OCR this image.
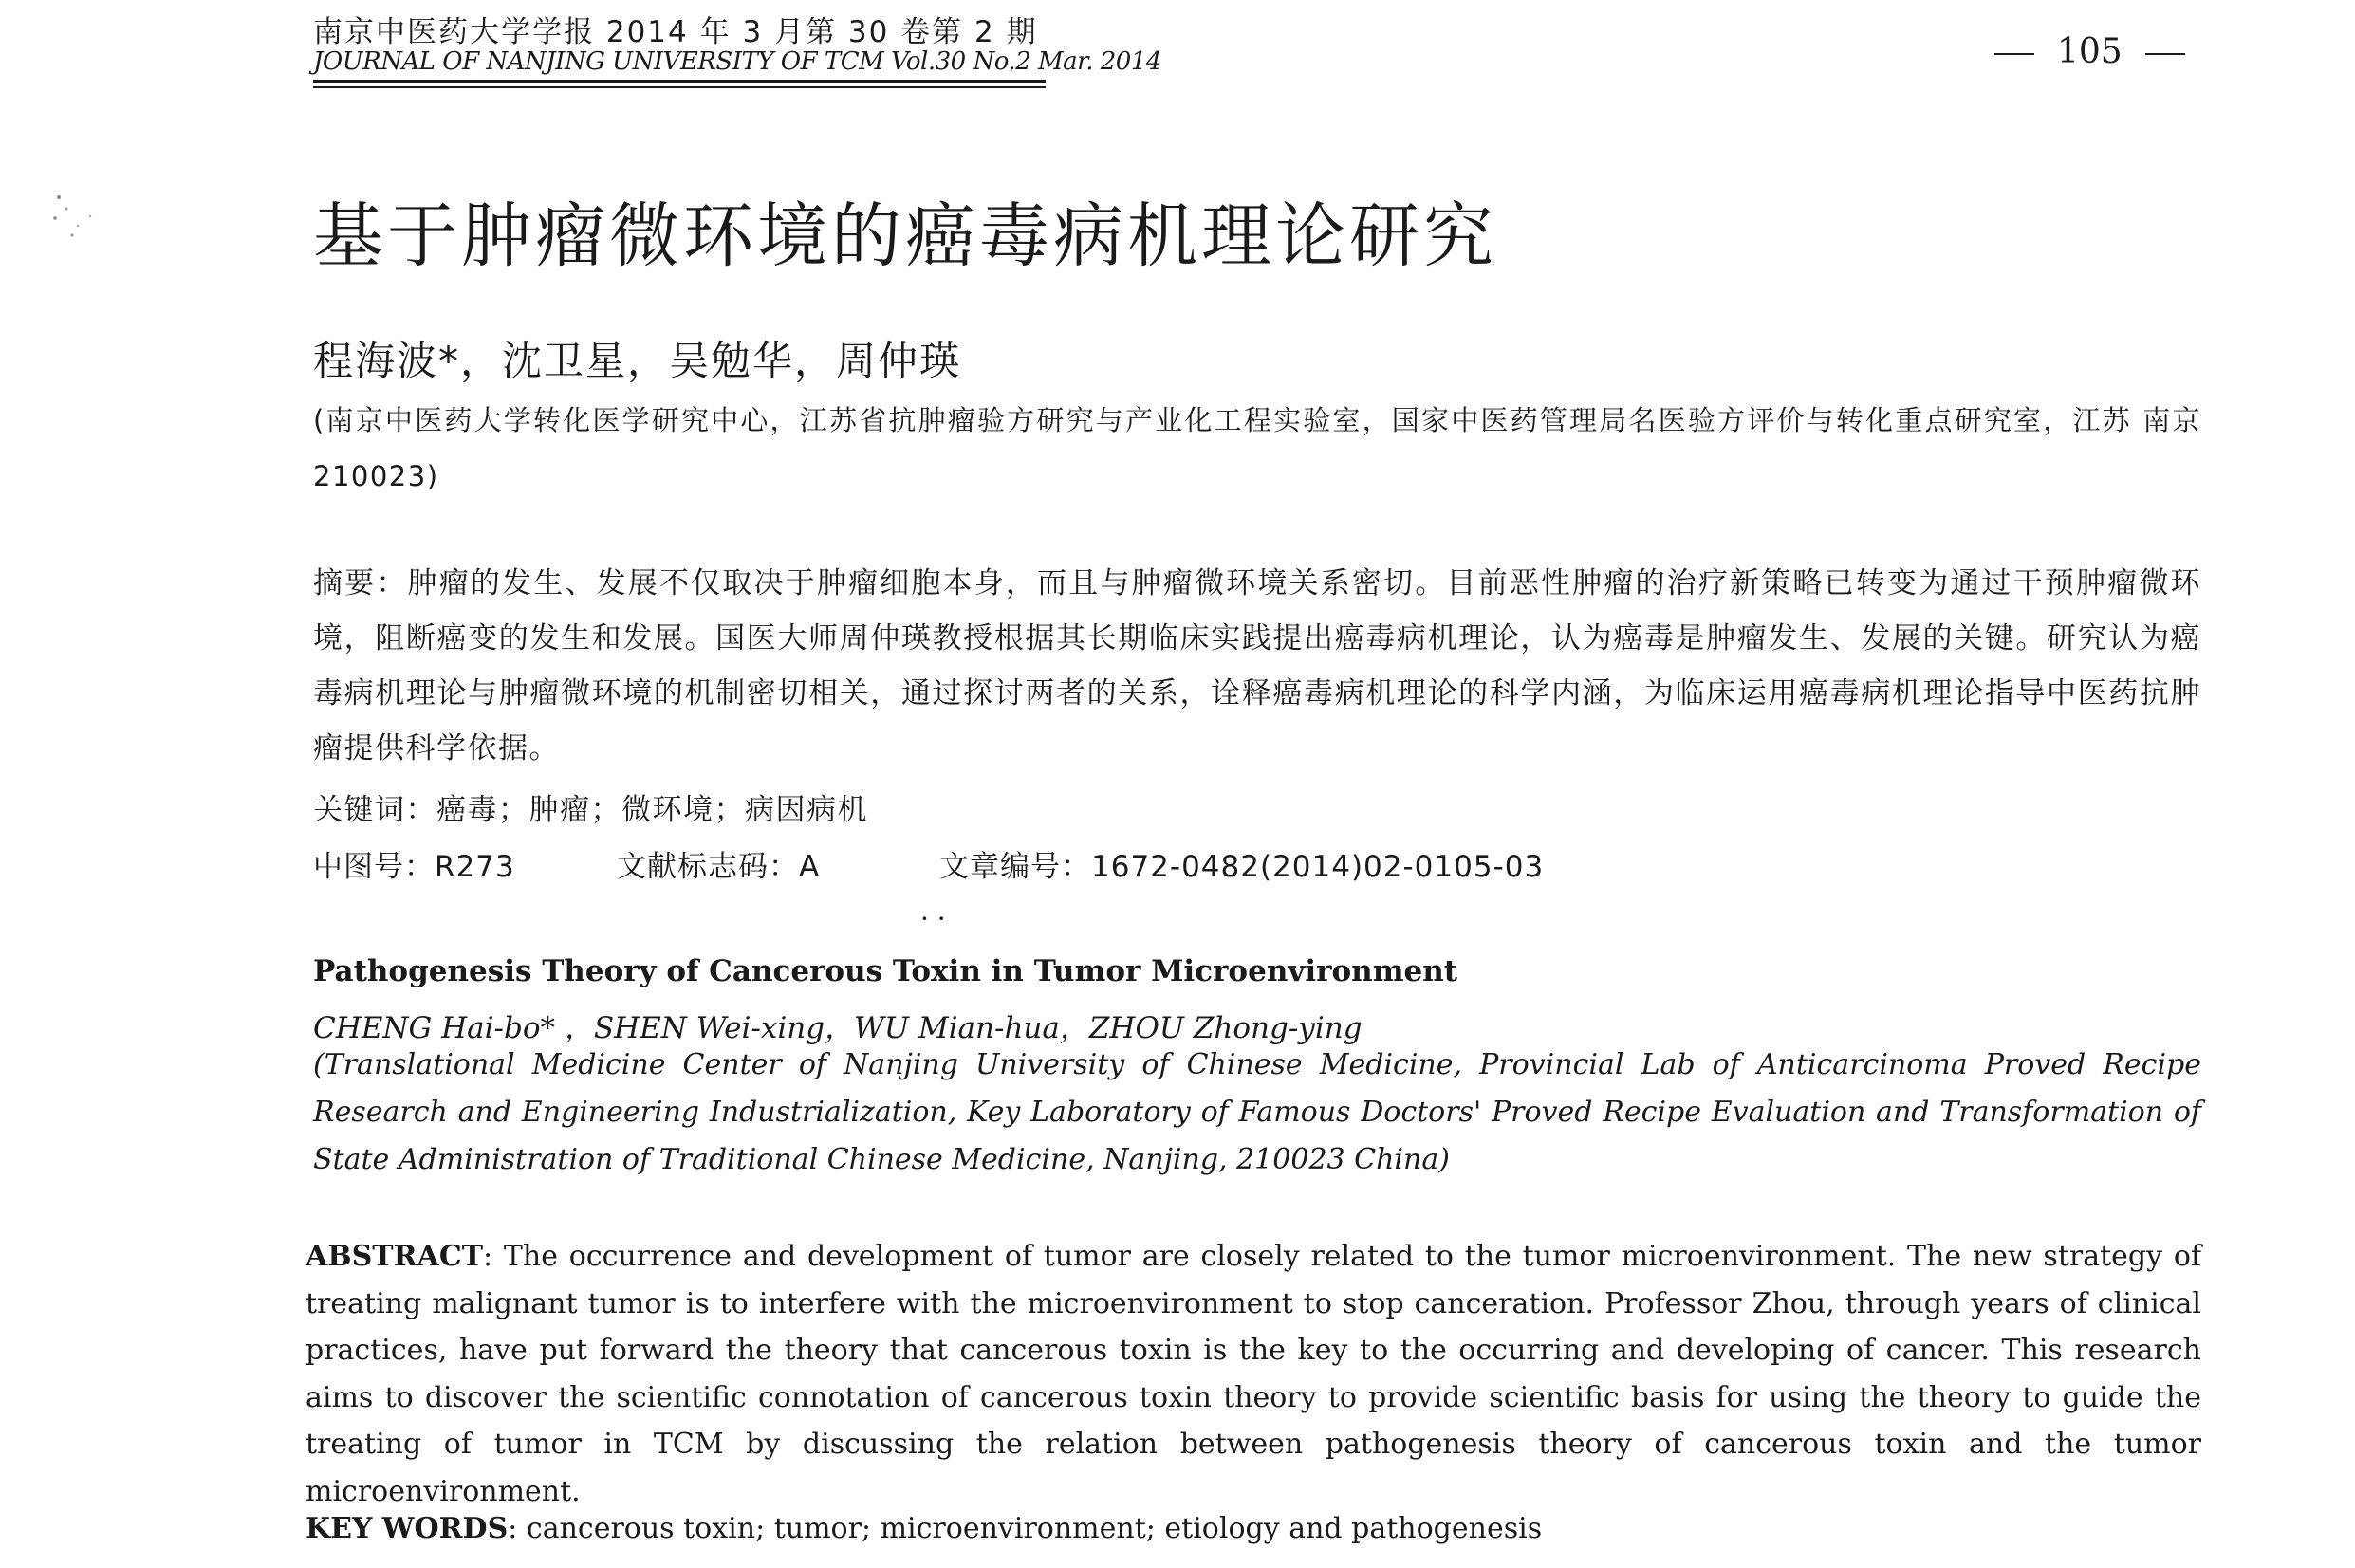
南京中医药大学学报 2014 年 3 月第 30 卷第 2 期
JOURNAL OF NANJING UNIVERSITY OF TCM Vol.30 No.2 Mar. 2014	105
基于肿瘤微环境的癌毒病机理论研究
程海波*，沈卫星，吴勉华，周仲瑛
(南京中医药大学转化医学研究中心，江苏省抗肿瘤验方研究与产业化工程实验室，国家中医药管理局名医验方评价与转化重点研究室，江苏 南京　210023)
摘要：肿瘤的发生、发展不仅取决于肿瘤细胞本身，而且与肿瘤微环境关系密切。目前恶性肿瘤的治疗新策略已转变为通过干预肿瘤微环境，阻断癌变的发生和发展。国医大师周仲瑛教授根据其长期临床实践提出癌毒病机理论，认为癌毒是肿瘤发生、发展的关键。研究认为癌毒病机理论与肿瘤微环境的机制密切相关，通过探讨两者的关系，诠释癌毒病机理论的科学内涵，为临床运用癌毒病机理论指导中医药抗肿瘤提供科学依据。
关键词：癌毒；肿瘤；微环境；病因病机
中图号：R273	文献标志码：A	文章编号：1672-0482(2014)02-0105-03
· ·
Pathogenesis Theory of Cancerous Toxin in Tumor Microenvironment
CHENG Hai-bo* ，SHEN Wei-xing，WU Mian-hua，ZHOU Zhong-ying
(Translational Medicine Center of Nanjing University of Chinese Medicine, Provincial Lab of Anticarcinoma Proved Recipe Research and Engineering Industrialization, Key Laboratory of Famous Doctors' Proved Recipe Evaluation and Transformation of State Administration of Traditional Chinese Medicine, Nanjing, 210023 China)
ABSTRACT: The occurrence and development of tumor are closely related to the tumor microenvironment. The new strategy of treating malignant tumor is to interfere with the microenvironment to stop canceration. Professor Zhou, through years of clinical practices, have put forward the theory that cancerous toxin is the key to the occurring and developing of cancer. This research aims to discover the scientific connotation of cancerous toxin theory to provide scientific basis for using the theory to guide the treating of tumor in TCM by discussing the relation between pathogenesis theory of cancerous toxin and the tumor microenvironment.
KEY WORDS: cancerous toxin; tumor; microenvironment; etiology and pathogenesis
